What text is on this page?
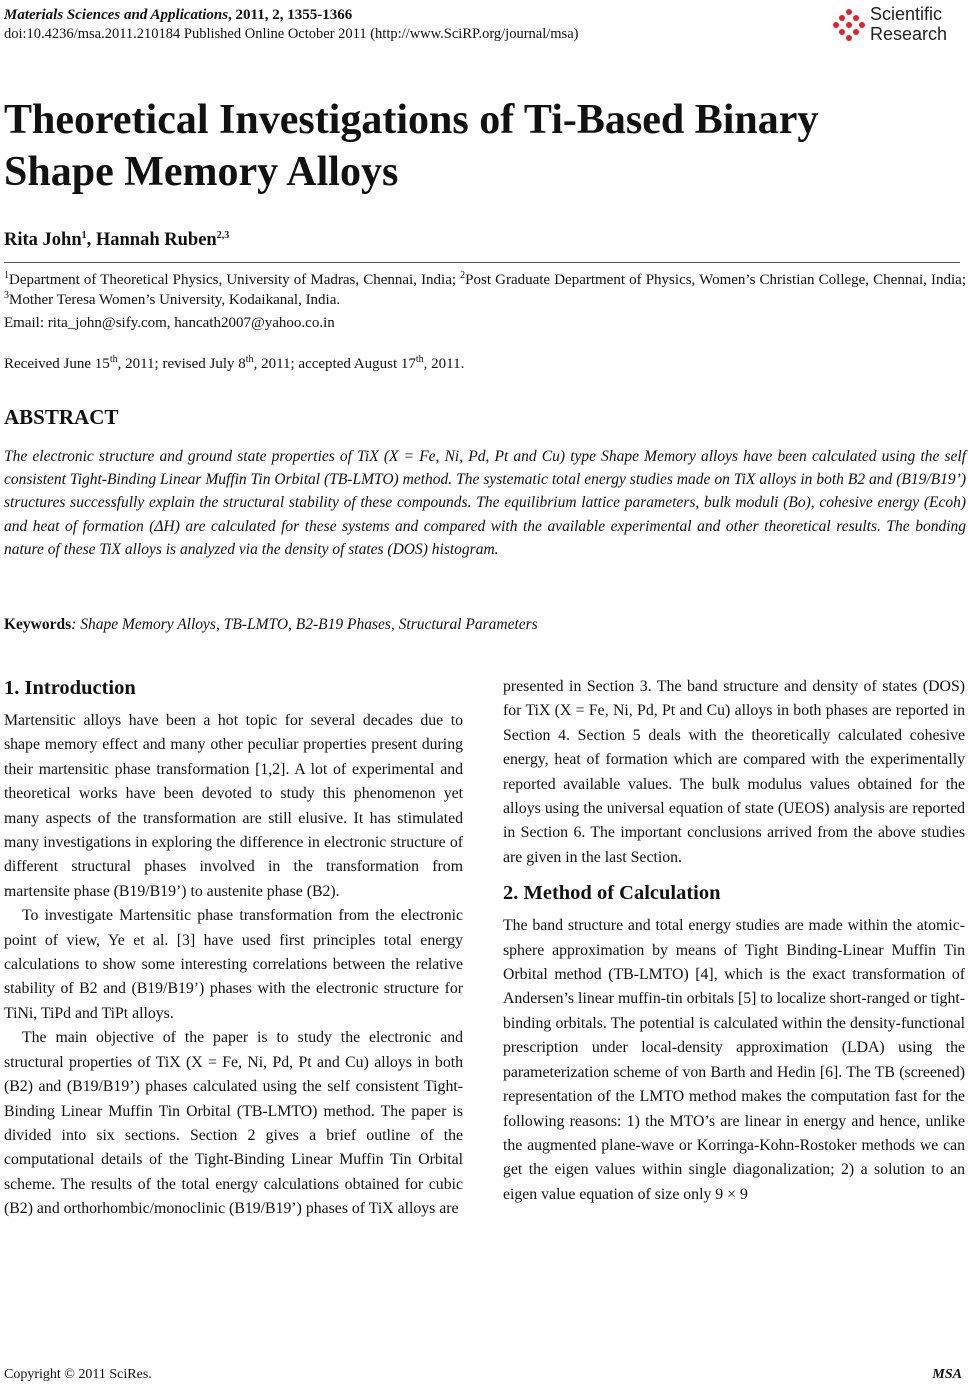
Materials Sciences and Applications, 2011, 2, 1355-1366
doi:10.4236/msa.2011.210184 Published Online October 2011 (http://www.SciRP.org/journal/msa)
Scientific
Research
Theoretical Investigations of Ti-Based Binary Shape Memory Alloys
Rita John$^1$, Hannah Ruben$^{2,3}$
$^1$Department of Theoretical Physics, University of Madras, Chennai, India; $^2$Post Graduate Department of Physics, Women’s Christian College, Chennai, India; $^3$Mother Teresa Women’s University, Kodaikanal, India.
Email: rita_john@sify.com, hancath2007@yahoo.co.in
Received June 15th, 2011; revised July 8th, 2011; accepted August 17th, 2011.
ABSTRACT

The electronic structure and ground state properties of TiX (X = Fe, Ni, Pd, Pt and Cu) type Shape Memory alloys have been calculated using the self consistent Tight-Binding Linear Muffin Tin Orbital (TB-LMTO) method. The systematic total energy studies made on TiX alloys in both B2 and (B19/B19’) structures successfully explain the structural stability of these compounds. The equilibrium lattice parameters, bulk moduli (Bo), cohesive energy (Ecoh) and heat of formation (ΔH) are calculated for these systems and compared with the available experimental and other theoretical results. The bonding nature of these TiX alloys is analyzed via the density of states (DOS) histogram.

Keywords: Shape Memory Alloys, TB-LMTO, B2-B19 Phases, Structural Parameters
1. Introduction

Martensitic alloys have been a hot topic for several decades due to shape memory effect and many other peculiar properties present during their martensitic phase transformation [1,2]. A lot of experimental and theoretical works have been devoted to study this phenomenon yet many aspects of the transformation are still elusive. It has stimulated many investigations in exploring the difference in electronic structure of different structural phases involved in the transformation from martensite phase (B19/B19’) to austenite phase (B2).

To investigate Martensitic phase transformation from the electronic point of view, Ye et al. [3] have used first principles total energy calculations to show some interesting correlations between the relative stability of B2 and (B19/B19’) phases with the electronic structure for TiNi, TiPd and TiPt alloys.

The main objective of the paper is to study the electronic and structural properties of TiX (X = Fe, Ni, Pd, Pt and Cu) alloys in both (B2) and (B19/B19’) phases calculated using the self consistent Tight-Binding Linear Muffin Tin Orbital (TB-LMTO) method. The paper is divided into six sections. Section 2 gives a brief outline of the computational details of the Tight-Binding Linear Muffin Tin Orbital scheme. The results of the total energy calculations obtained for cubic (B2) and orthorhombic/monoclinic (B19/B19’) phases of TiX alloys are

presented in Section 3. The band structure and density of states (DOS) for TiX (X = Fe, Ni, Pd, Pt and Cu) alloys in both phases are reported in Section 4. Section 5 deals with the theoretically calculated cohesive energy, heat of formation which are compared with the experimentally reported available values. The bulk modulus values obtained for the alloys using the universal equation of state (UEOS) analysis are reported in Section 6. The important conclusions arrived from the above studies are given in the last Section.

2. Method of Calculation

The band structure and total energy studies are made within the atomic-sphere approximation by means of Tight Binding-Linear Muffin Tin Orbital method (TB-LMTO) [4], which is the exact transformation of Andersen’s linear muffin-tin orbitals [5] to localize short-ranged or tight-binding orbitals. The potential is calculated within the density-functional prescription under local-density approximation (LDA) using the parameterization scheme of von Barth and Hedin [6]. The TB (screened) representation of the LMTO method makes the computation fast for the following reasons: 1) the MTO’s are linear in energy and hence, unlike the augmented plane-wave or Korringa-Kohn-Rostoker methods we can get the eigen values within single diagonalization; 2) a solution to an eigen value equation of size only 9 × 9

Copyright © 2011 SciRes.	MSA
